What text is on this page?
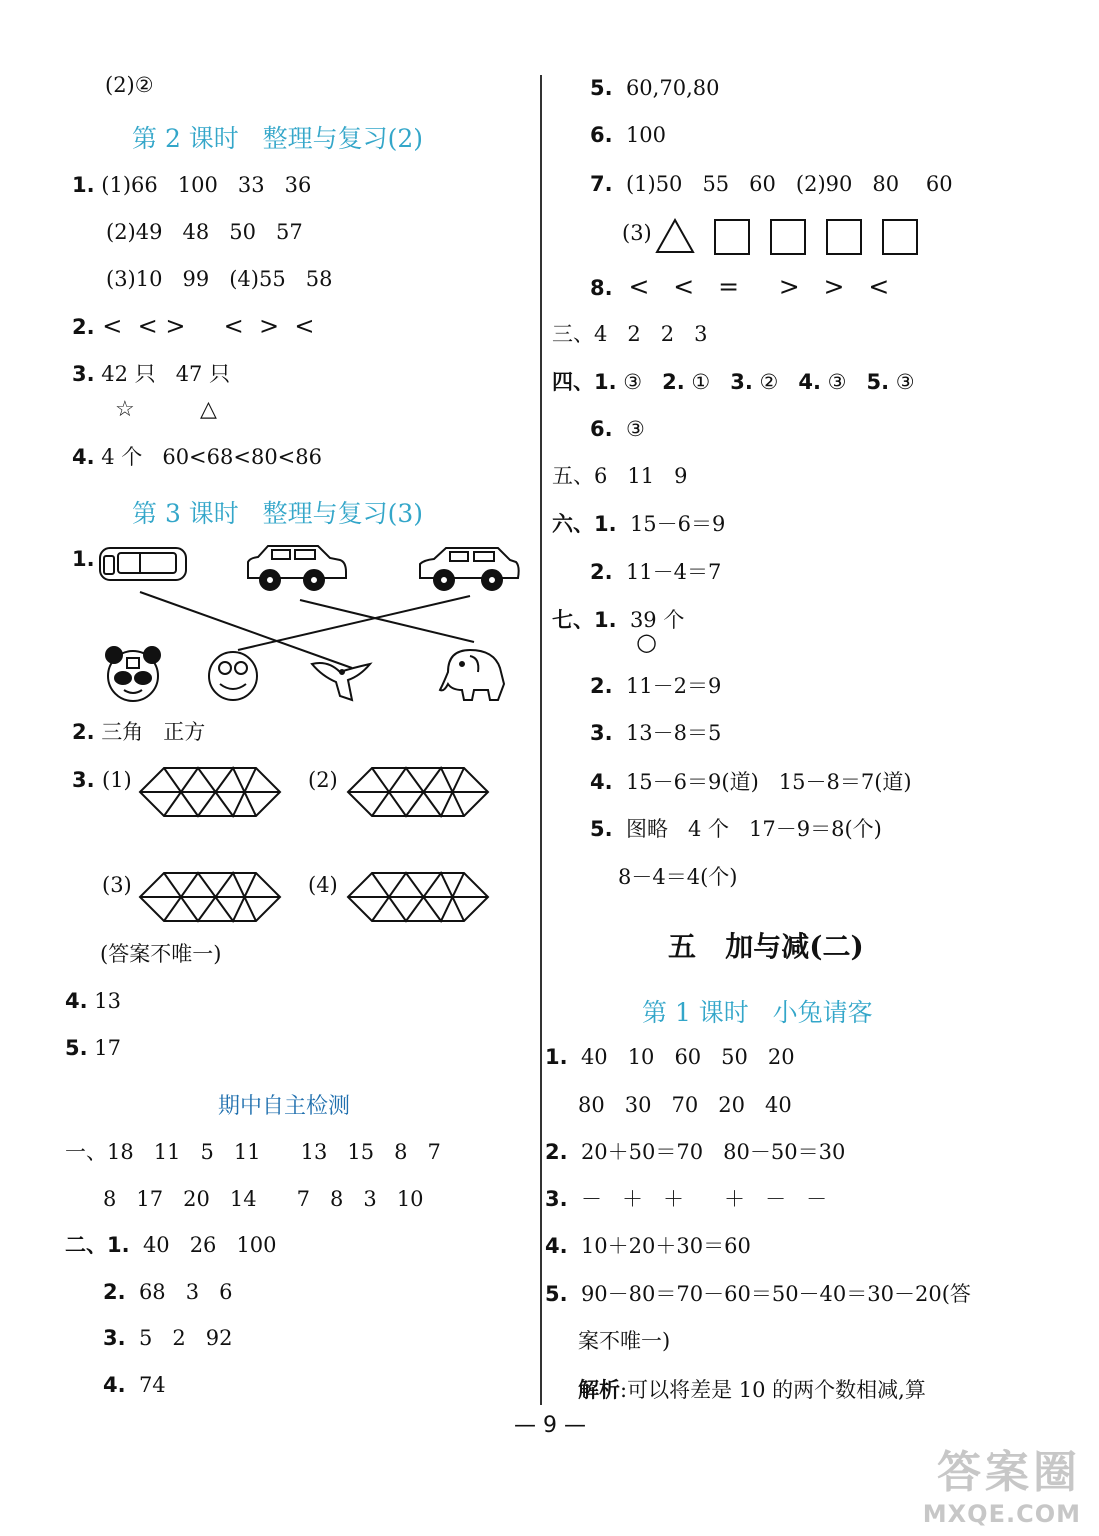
(2)②
第 2 课时   整理与复习(2)
1. (1)66   100   33   36
(2)49   48   50   57
(3)10   99   (4)55   58
2. <  < >     <  >  <
3. 42 只   47 只
☆	△
4. 4 个   60<68<80<86
第 3 课时   整理与复习(3)
1.
2. 三角   正方
3. (1)	(2)
(3)	(4)
(答案不唯一)
4. 13
5. 17
期中自主检测
一、18   11   5   11      13   15   8   7
8   17   20   14      7   8   3   10
二、1.  40   26   100
2.  68   3   6
3.  5   2   92
4.  74
5.  60,70,80
6.  100
7.  (1)50   55   60   (2)90   80    60
(3)
8.  <   <   =     >   >   <
三、4   2   2   3
四、1. ③   2. ①   3. ②   4. ③   5. ③
6.  ③
五、6   11   9
六、1.  15－6＝9
2.  11－4＝7
七、1.  39 个
○
2.  11－2＝9
3.  13－8＝5
4.  15－6＝9(道)   15－8＝7(道)
5.  图略   4 个   17－9＝8(个)
8－4＝4(个)
五   加与减(二)
第 1 课时   小兔请客
1.  40   10   60   50   20
80   30   70   20   40
2.  20＋50＝70   80－50＝30
3.  －   ＋   ＋      ＋   －   －
4.  10＋20＋30＝60
5.  90－80＝70－60＝50－40＝30－20(答
案不唯一)
解析:可以将差是 10 的两个数相减,算
— 9 —
答案圈
MXQE.COM
